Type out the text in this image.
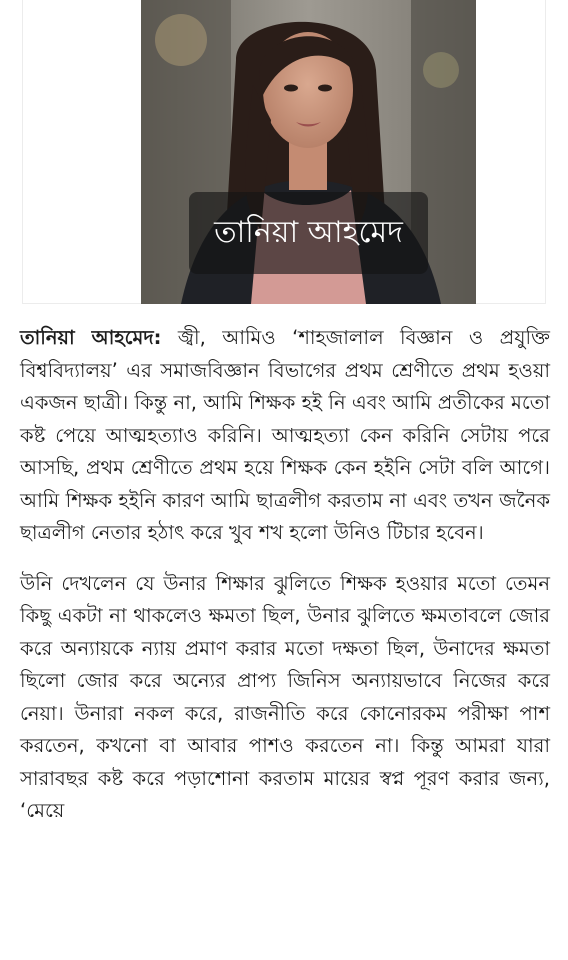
তানিয়া আহমেদ

তানিয়া আহমেদ: জ্বী, আমিও ‘শাহজালাল বিজ্ঞান ও প্রযুক্তি বিশ্ববিদ্যালয়’ এর সমাজবিজ্ঞান বিভাগের প্রথম শ্রেণীতে প্রথম হওয়া একজন ছাত্রী। কিন্তু না, আমি শিক্ষক হই নি এবং আমি প্রতীকের মতো কষ্ট পেয়ে আত্মহত্যাও করিনি। আত্মহত্যা কেন করিনি সেটায় পরে আসছি, প্রথম শ্রেণীতে প্রথম হয়ে শিক্ষক কেন হইনি সেটা বলি আগে। আমি শিক্ষক হইনি কারণ আমি ছাত্রলীগ করতাম না এবং তখন জনৈক ছাত্রলীগ নেতার হঠাৎ করে খুব শখ হলো উনিও টিচার হবেন।

উনি দেখলেন যে উনার শিক্ষার ঝুলিতে শিক্ষক হওয়ার মতো তেমন কিছু একটা না থাকলেও ক্ষমতা ছিল, উনার ঝুলিতে ক্ষমতাবলে জোর করে অন্যায়কে ন্যায় প্রমাণ করার মতো দক্ষতা ছিল, উনাদের ক্ষমতা ছিলো জোর করে অন্যের প্রাপ্য জিনিস অন্যায়ভাবে নিজের করে নেয়া। উনারা নকল করে, রাজনীতি করে কোনোরকম পরীক্ষা পাশ করতেন, কখনো বা আবার পাশও করতেন না। কিন্তু আমরা যারা সারাবছর কষ্ট করে পড়াশোনা করতাম মায়ের স্বপ্ন পূরণ করার জন্য, ‘মেয়ে
